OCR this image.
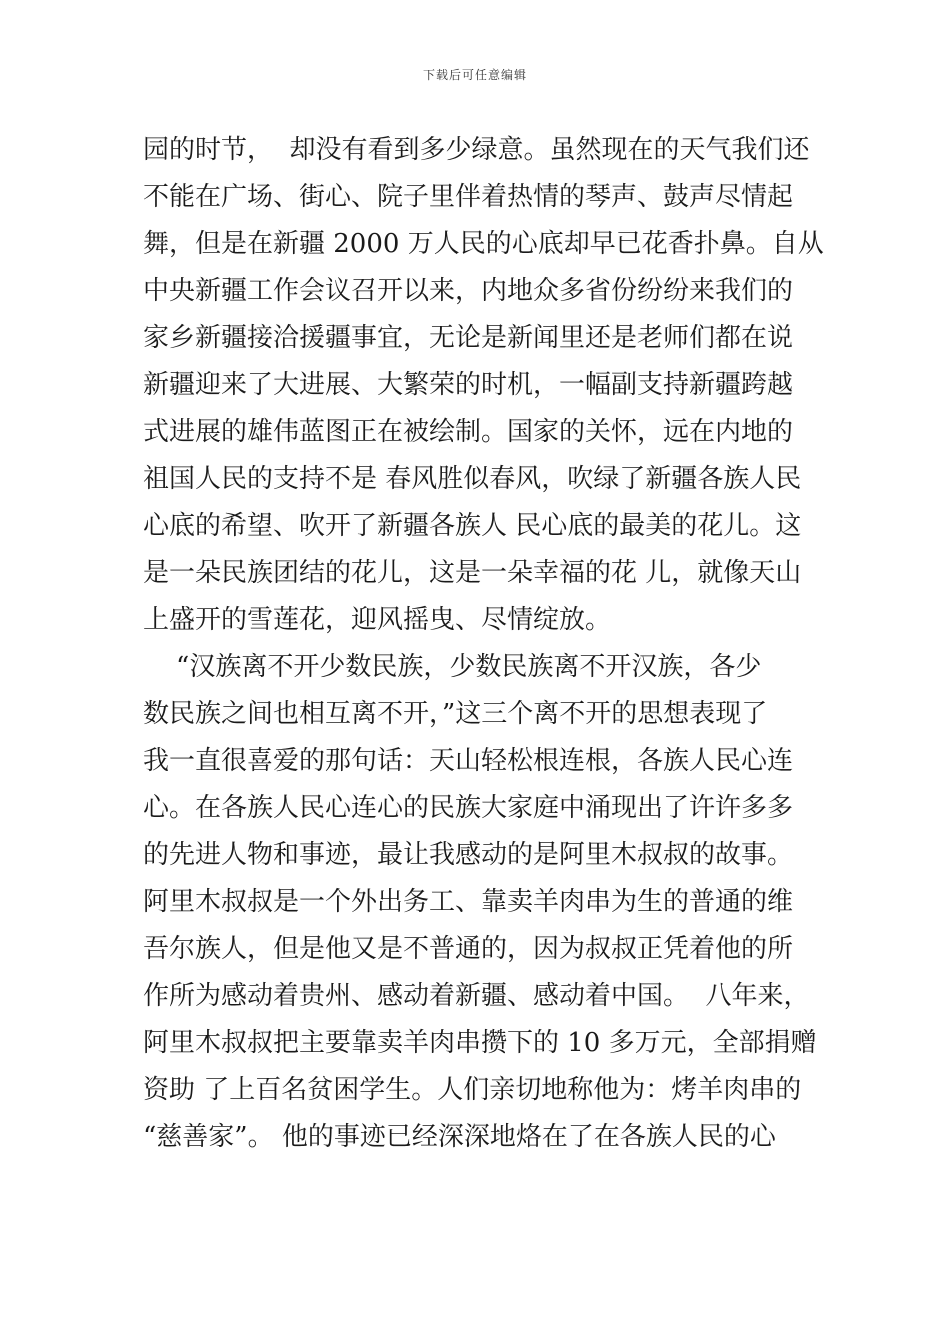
下载后可任意编辑
园的时节，  却没有看到多少绿意。虽然现在的天气我们还
不能在广场、街心、院子里伴着热情的琴声、鼓声尽情起
舞，但是在新疆 2000 万人民的心底却早已花香扑鼻。自从
中央新疆工作会议召开以来，内地众多省份纷纷来我们的
家乡新疆接洽援疆事宜，无论是新闻里还是老师们都在说
新疆迎来了大进展、大繁荣的时机，一幅副支持新疆跨越
式进展的雄伟蓝图正在被绘制。国家的关怀，远在内地的
祖国人民的支持不是 春风胜似春风，吹绿了新疆各族人民
心底的希望、吹开了新疆各族人 民心底的最美的花儿。这
是一朵民族团结的花儿，这是一朵幸福的花 儿，就像天山
上盛开的雪莲花，迎风摇曳、尽情绽放。
“汉族离不开少数民族，少数民族离不开汉族，各少
数民族之间也相互离不开，”这三个离不开的思想表现了
我一直很喜爱的那句话：天山轻松根连根，各族人民心连
心。在各族人民心连心的民族大家庭中涌现出了许许多多
的先进人物和事迹，最让我感动的是阿里木叔叔的故事。
阿里木叔叔是一个外出务工、靠卖羊肉串为生的普通的维
吾尔族人，但是他又是不普通的，因为叔叔正凭着他的所
作所为感动着贵州、感动着新疆、感动着中国。  八年来，
阿里木叔叔把主要靠卖羊肉串攒下的 10 多万元，全部捐赠
资助 了上百名贫困学生。人们亲切地称他为：烤羊肉串的
“慈善家”。 他的事迹已经深深地烙在了在各族人民的心
